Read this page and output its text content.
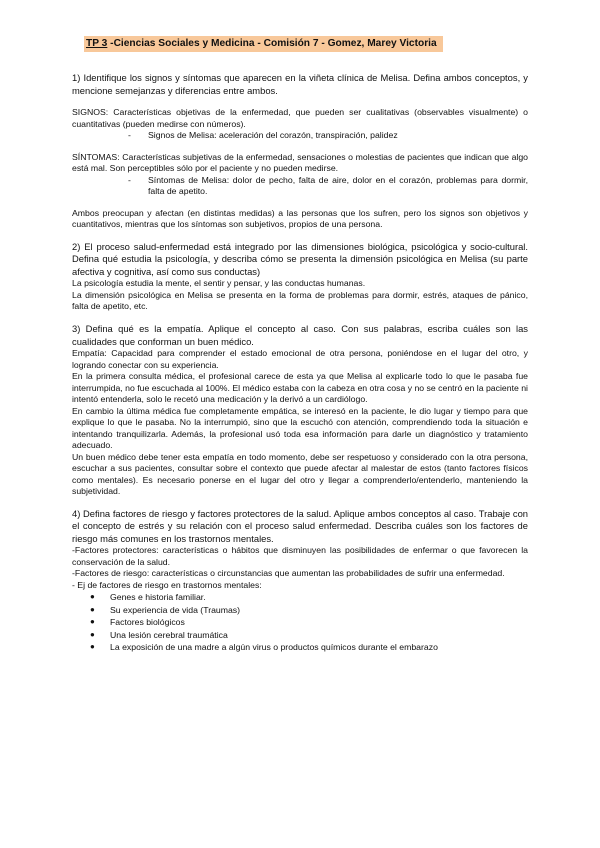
TP 3 -Ciencias Sociales y Medicina - Comisión 7 - Gomez, Marey Victoria

1) Identifique los signos y síntomas que aparecen en la viñeta clínica de Melisa. Defina ambos conceptos, y mencione semejanzas y diferencias entre ambos.

SIGNOS: Características objetivas de la enfermedad, que pueden ser cualitativas (observables visualmente) o cuantitativas (pueden medirse con números).

-	Signos de Melisa: aceleración del corazón, transpiración, palidez

SÍNTOMAS: Características subjetivas de la enfermedad, sensaciones o molestias de pacientes que indican que algo está mal. Son perceptibles sólo por el paciente y no pueden medirse.

-	Síntomas de Melisa: dolor de pecho, falta de aire, dolor en el corazón, problemas para dormir, falta de apetito.

Ambos preocupan y afectan (en distintas medidas) a las personas que los sufren, pero los signos son objetivos y cuantitativos, mientras que los síntomas son subjetivos, propios de una persona.

2) El proceso salud-enfermedad está integrado por las dimensiones biológica, psicológica y socio-cultural. Defina qué estudia la psicología, y describa cómo se presenta la dimensión psicológica en Melisa (su parte afectiva y cognitiva, así como sus conductas)

La psicología estudia la mente, el sentir y pensar, y las conductas humanas.

La dimensión psicológica en Melisa se presenta en la forma de problemas para dormir, estrés, ataques de pánico, falta de apetito, etc.

3) Defina qué es la empatía. Aplique el concepto al caso. Con sus palabras, escriba cuáles son las cualidades que conforman un buen médico.

Empatía: Capacidad para comprender el estado emocional de otra persona, poniéndose en el lugar del otro, y logrando conectar con su experiencia.

En la primera consulta médica, el profesional carece de esta ya que Melisa al explicarle todo lo que le pasaba fue interrumpida, no fue escuchada al 100%. El médico estaba con la cabeza en otra cosa y no se centró en la paciente ni intentó entenderla, solo le recetó una medicación y la derivó a un cardiólogo.

En cambio la última médica fue completamente empática, se interesó en la paciente, le dio lugar y tiempo para que explique lo que le pasaba. No la interrumpió, sino que la escuchó con atención, comprendiendo toda la situación e intentando tranquilizarla. Además, la profesional usó toda esa información para darle un diagnóstico y tratamiento adecuado.

Un buen médico debe tener esta empatía en todo momento, debe ser respetuoso y considerado con la otra persona, escuchar a sus pacientes, consultar sobre el contexto que puede afectar al malestar de estos (tanto factores físicos como mentales). Es necesario ponerse en el lugar del otro y llegar a comprenderlo/entenderlo, manteniendo la subjetividad.

4) Defina factores de riesgo y factores protectores de la salud. Aplique ambos conceptos al caso. Trabaje con el concepto de estrés y su relación con el proceso salud enfermedad. Describa cuáles son los factores de riesgo más comunes en los trastornos mentales.

-Factores protectores: características o hábitos que disminuyen las posibilidades de enfermar o que favorecen la conservación de la salud.

-Factores de riesgo: características o circunstancias que aumentan las probabilidades de sufrir una enfermedad.

- Ej de factores de riesgo en trastornos mentales:

●	Genes e historia familiar.
●	Su experiencia de vida (Traumas)
●	Factores biológicos
●	Una lesión cerebral traumática
●	La exposición de una madre a algún virus o productos químicos durante el embarazo
